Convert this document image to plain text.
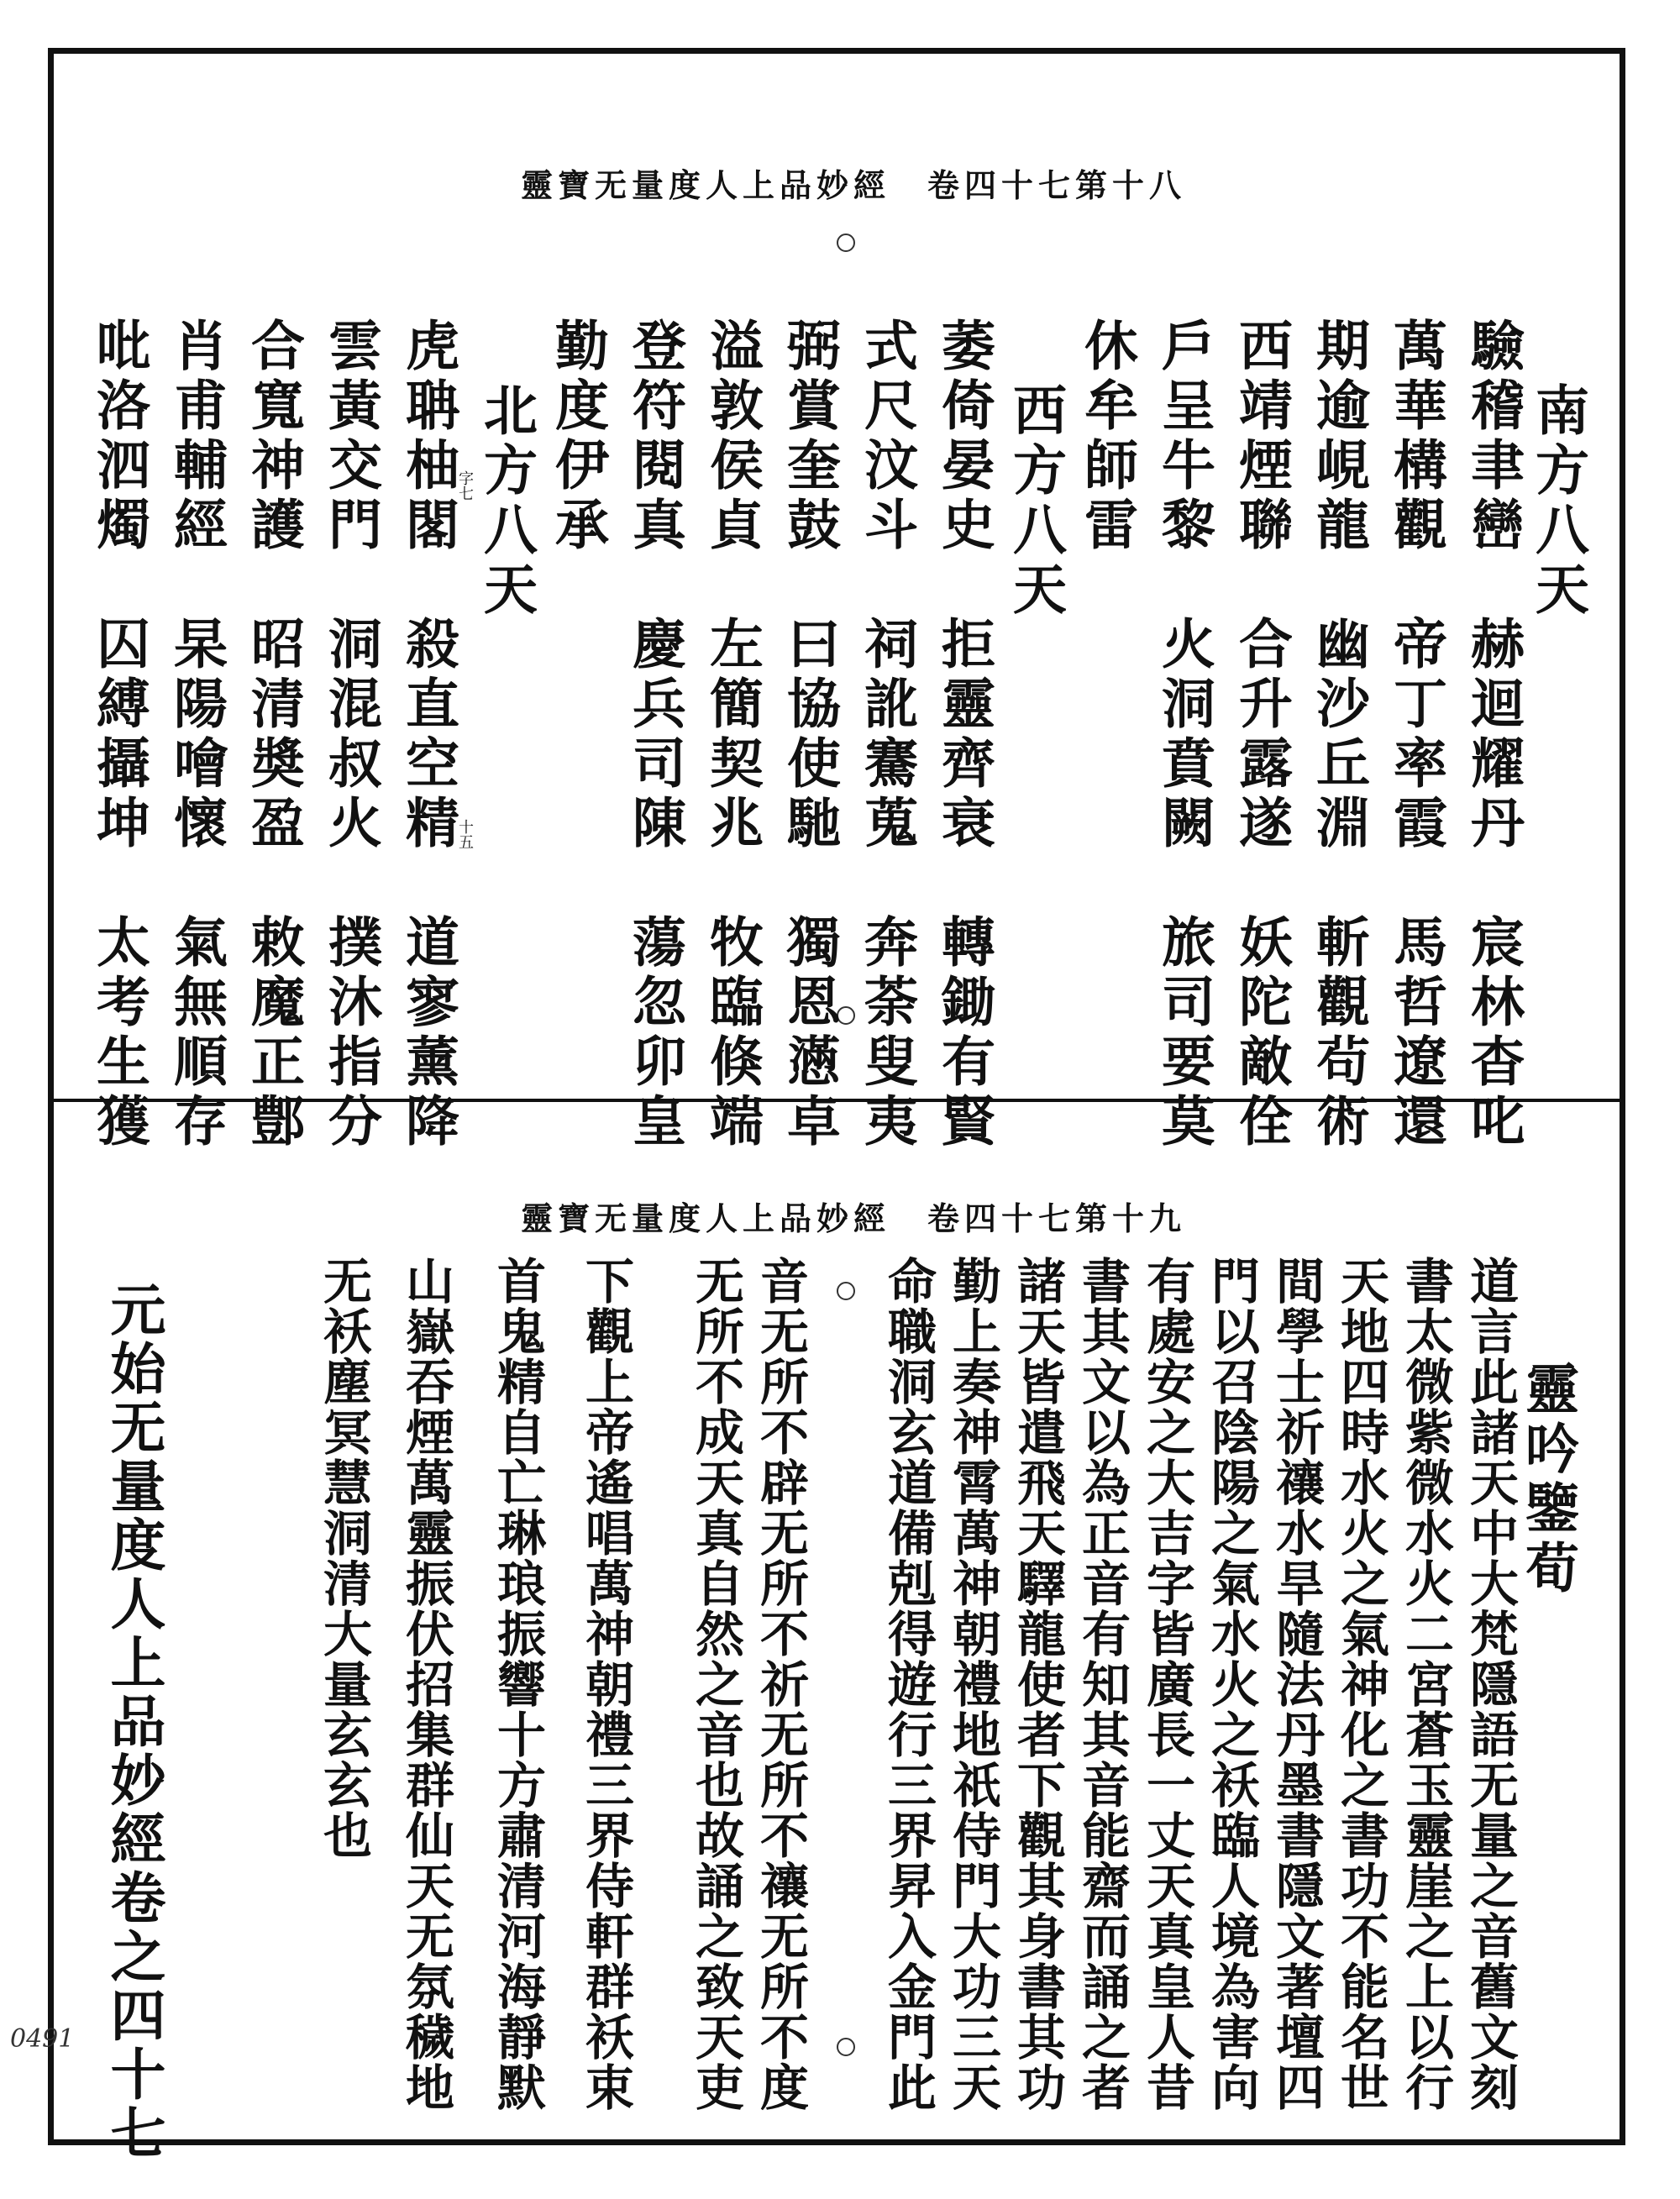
靈寶无量度人上品妙經　卷四十七第十八
靈寶无量度人上品妙經　卷四十七第十九
南方八天
驗稽聿巒　赫迴耀丹　宸林杳叱
萬華構觀　帝丁率霞　馬哲遼還
期逾峴龍　幽沙丘淵　斬觀茍術
西靖煙聯　合升露遂　妖陀敵佺
戶呈牛黎　火洞賁闕　旅司要莫
休牟師雷
西方八天
萎倚晏史　拒靈齊衰　轉鋤有賢
式尺汶斗　祠訛騫蒐　奔荼叟夷
弼賞奎鼓　曰協使馳　獨恩懣卓
溢敦侯貞　左簡契兆　牧臨倏端
登符閱真　慶兵司陳　蕩忽卯皇
勤度伊承
北方八天
虎聃柚閣　殺直空精　道寥薰降
雲黃交門　洞混叔火　撲沐指分
合寬神護　昭清奬盈　敕魔正鄷
肖甫輔經　杲陽噲懷　氣無順存
吡洛泗燭　囚縛攝坤　太考生獲	字七
十五
靈吟鑒荀
道言此諸天中大梵隱語无量之音舊文刻
書太微紫微水火二宮蒼玉靈崖之上以行
天地四時水火之氣神化之書功不能名世
間學士祈禳水旱隨法丹墨書隱文著壇四
門以召陰陽之氣水火之袄臨人境為害向
有處安之大吉字皆廣長一丈天真皇人昔
書其文以為正音有知其音能齋而誦之者
諸天皆遣飛天驛龍使者下觀其身書其功
勤上奏神霄萬神朝禮地祇侍門大功三天
命職洞玄道備剋得遊行三界昇入金門此
音无所不辟无所不祈无所不禳无所不度
无所不成天真自然之音也故誦之致天吏
下觀上帝遙唱萬神朝禮三界侍軒群袄束
首鬼精自亡琳琅振響十方肅清河海靜默
山嶽吞煙萬靈振伏招集群仙天无氛穢地
无袄塵冥慧洞清大量玄玄也
元始无量度人上品妙經卷之四十七
0491
